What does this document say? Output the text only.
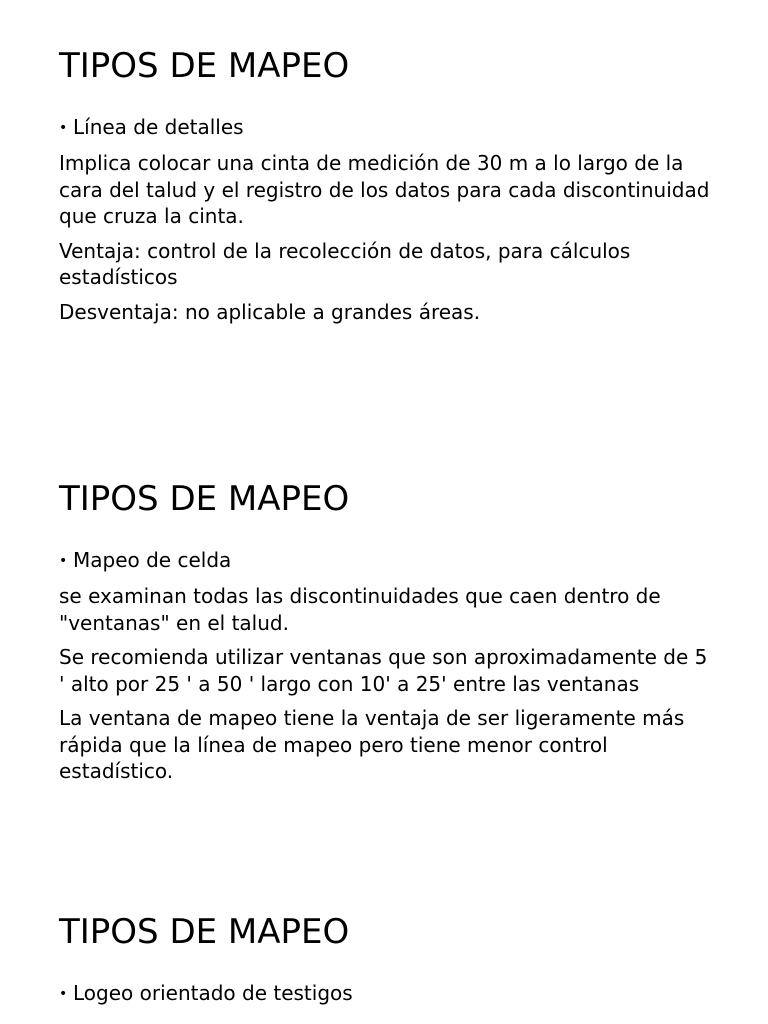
TIPOS DE MAPEO
• Línea de detalles

Implica colocar una cinta de medición de 30 m a lo largo de la cara del talud y el registro de los datos para cada discontinuidad que cruza la cinta.

Ventaja: control de la recolección de datos, para cálculos estadísticos

Desventaja: no aplicable a grandes áreas.

TIPOS DE MAPEO
• Mapeo de celda

se examinan todas las discontinuidades que caen dentro de "ventanas" en el talud.

Se recomienda utilizar ventanas que son aproximadamente de 5 ' alto por 25 ' a 50 ' largo con 10' a 25' entre las ventanas

La ventana de mapeo tiene la ventaja de ser ligeramente más rápida que la línea de mapeo pero tiene menor control estadístico.

TIPOS DE MAPEO
• Logeo orientado de testigos
